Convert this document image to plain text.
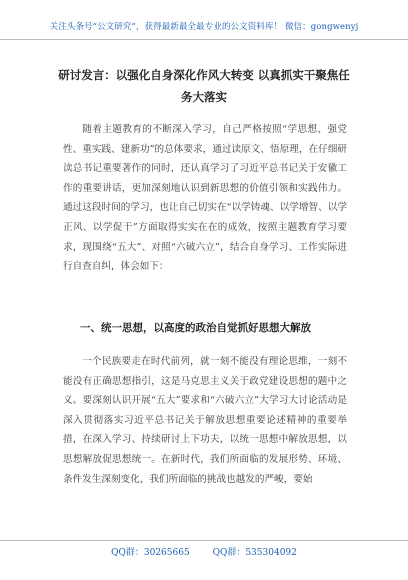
关注头条号“公文研究”，获得最新最全最专业的公文资料库！ 微信：gongwenyj
研讨发言：以强化自身深化作风大转变 以真抓实干聚焦任
务大落实
随着主题教育的不断深入学习，自己严格按照“学思想、强党性、重实践、建新功”的总体要求，通过读原文、悟原理，在仔细研读总书记重要著作的同时，还认真学习了习近平总书记关于安徽工作的重要讲话，更加深刻地认识到新思想的价值引领和实践伟力。通过这段时间的学习，也让自己切实在“以学铸魂、以学增智、以学正风、以学促干”方面取得实实在在的成效，按照主题教育学习要求，现围绕“五大”、对照“六破六立”，结合自身学习、工作实际进行自查自纠，体会如下：
一、统一思想，以高度的政治自觉抓好思想大解放
一个民族要走在时代前列，就一刻不能没有理论思维，一刻不能没有正确思想指引，这是马克思主义关于政党建设思想的题中之义。要深刻认识开展“五大”要求和“六破六立”大学习大讨论活动是深入贯彻落实习近平总书记关于解放思想重要论述精神的重要举措，在深入学习、持续研讨上下功夫，以统一思想中解放思想，以思想解放促思想统一。在新时代，我们所面临的发展形势、环境、条件发生深刻变化，我们所面临的挑战也越发的严峻，要始
QQ群：30265665	QQ群：535304092
